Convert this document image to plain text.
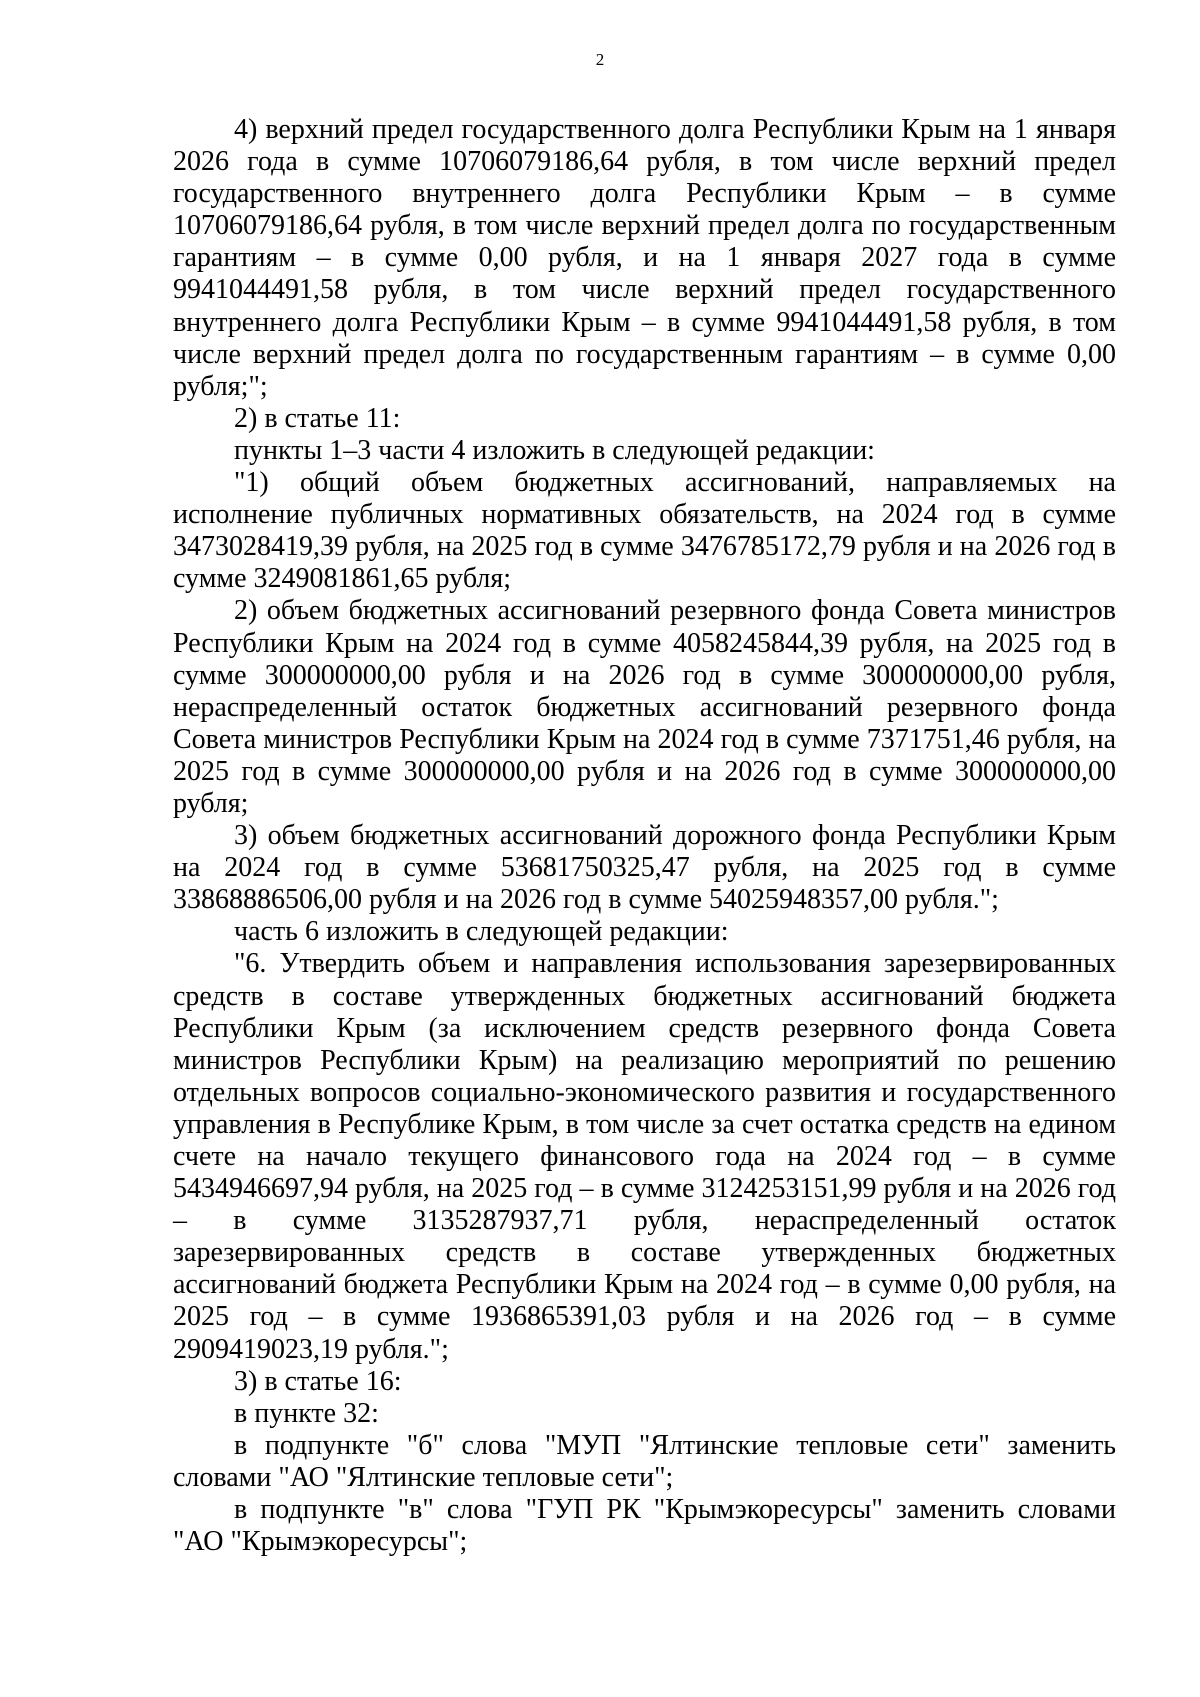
2

4) верхний предел государственного долга Республики Крым на 1 января 2026 года в сумме 10706079186,64 рубля, в том числе верхний предел государственного внутреннего долга Республики Крым – в сумме 10706079186,64 рубля, в том числе верхний предел долга по государственным гарантиям – в сумме 0,00 рубля, и на 1 января 2027 года в сумме 9941044491,58 рубля, в том числе верхний предел государственного внутреннего долга Республики Крым – в сумме 9941044491,58 рубля, в том числе верхний предел долга по государственным гарантиям – в сумме 0,00 рубля;";

2) в статье 11:

пункты 1–3 части 4 изложить в следующей редакции:

"1) общий объем бюджетных ассигнований, направляемых на исполнение публичных нормативных обязательств, на 2024 год в сумме 3473028419,39 рубля, на 2025 год в сумме 3476785172,79 рубля и на 2026 год в сумме 3249081861,65 рубля;

2) объем бюджетных ассигнований резервного фонда Совета министров Республики Крым на 2024 год в сумме 4058245844,39 рубля, на 2025 год в сумме 300000000,00 рубля и на 2026 год в сумме 300000000,00 рубля, нераспределенный остаток бюджетных ассигнований резервного фонда Совета министров Республики Крым на 2024 год в сумме 7371751,46 рубля, на 2025 год в сумме 300000000,00 рубля и на 2026 год в сумме 300000000,00 рубля;

3) объем бюджетных ассигнований дорожного фонда Республики Крым на 2024 год в сумме 53681750325,47 рубля, на 2025 год в сумме 33868886506,00 рубля и на 2026 год в сумме 54025948357,00 рубля.";

часть 6 изложить в следующей редакции:

"6. Утвердить объем и направления использования зарезервированных средств в составе утвержденных бюджетных ассигнований бюджета Республики Крым (за исключением средств резервного фонда Совета министров Республики Крым) на реализацию мероприятий по решению отдельных вопросов социально-экономического развития и государственного управления в Республике Крым, в том числе за счет остатка средств на едином счете на начало текущего финансового года на 2024 год – в сумме 5434946697,94 рубля, на 2025 год – в сумме 3124253151,99 рубля и на 2026 год – в сумме 3135287937,71 рубля, нераспределенный остаток зарезервированных средств в составе утвержденных бюджетных ассигнований бюджета Республики Крым на 2024 год – в сумме 0,00 рубля, на 2025 год – в сумме 1936865391,03 рубля и на 2026 год – в сумме 2909419023,19 рубля.";

3) в статье 16:

в пункте 32:

в подпункте "б" слова "МУП "Ялтинские тепловые сети" заменить словами "АО "Ялтинские тепловые сети";

в подпункте "в" слова "ГУП РК "Крымэкоресурсы" заменить словами "АО "Крымэкоресурсы";
